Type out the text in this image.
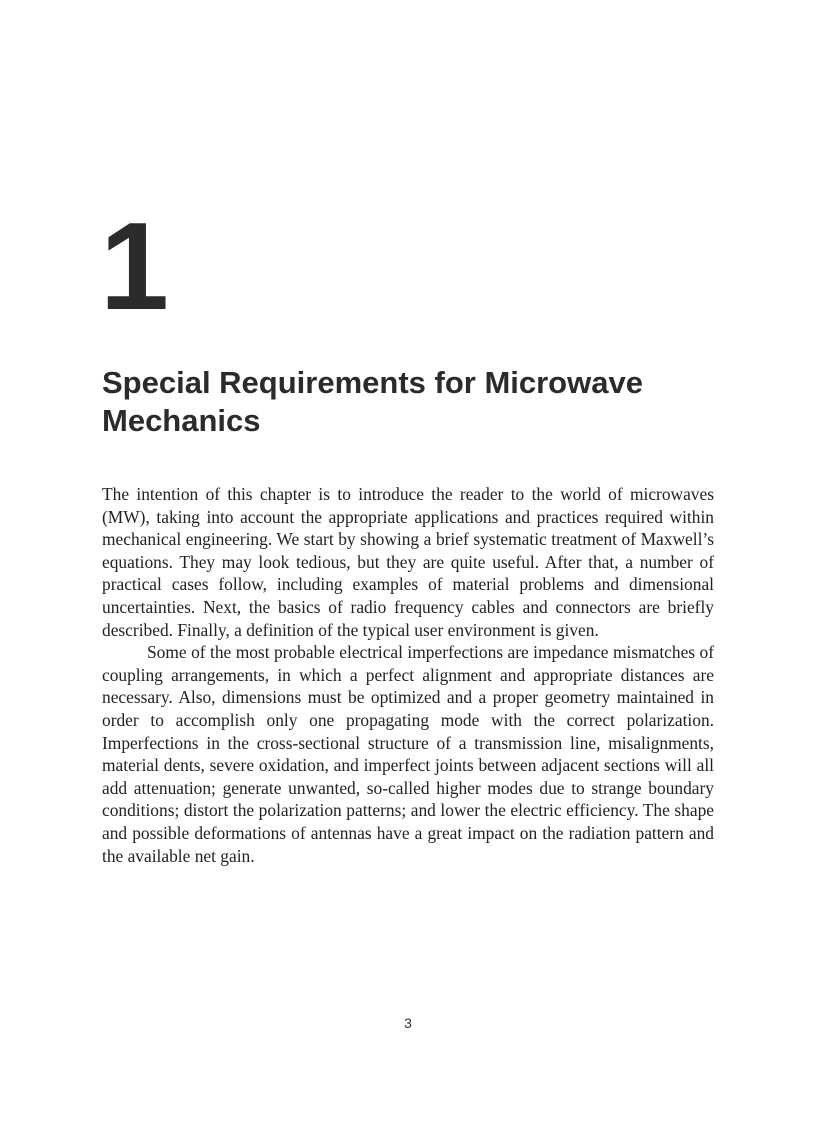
1
Special Requirements for Microwave Mechanics

The intention of this chapter is to introduce the reader to the world of microwaves (MW), taking into account the appropriate applications and practices required within mechanical engineering. We start by showing a brief systematic treatment of Maxwell’s equations. They may look tedious, but they are quite useful. After that, a number of practical cases follow, including examples of material problems and dimensional uncertainties. Next, the basics of radio frequency cables and connectors are briefly described. Finally, a definition of the typical user environment is given.

Some of the most probable electrical imperfections are impedance mismatches of coupling arrangements, in which a perfect alignment and appropriate distances are necessary. Also, dimensions must be optimized and a proper geometry maintained in order to accomplish only one propagating mode with the correct polarization. Imperfections in the cross-sectional structure of a transmission line, misalignments, material dents, severe oxidation, and imperfect joints between adjacent sections will all add attenuation; generate unwanted, so-called higher modes due to strange boundary conditions; distort the polarization patterns; and lower the electric efficiency. The shape and possible deformations of antennas have a great impact on the radiation pattern and the available net gain.

3
